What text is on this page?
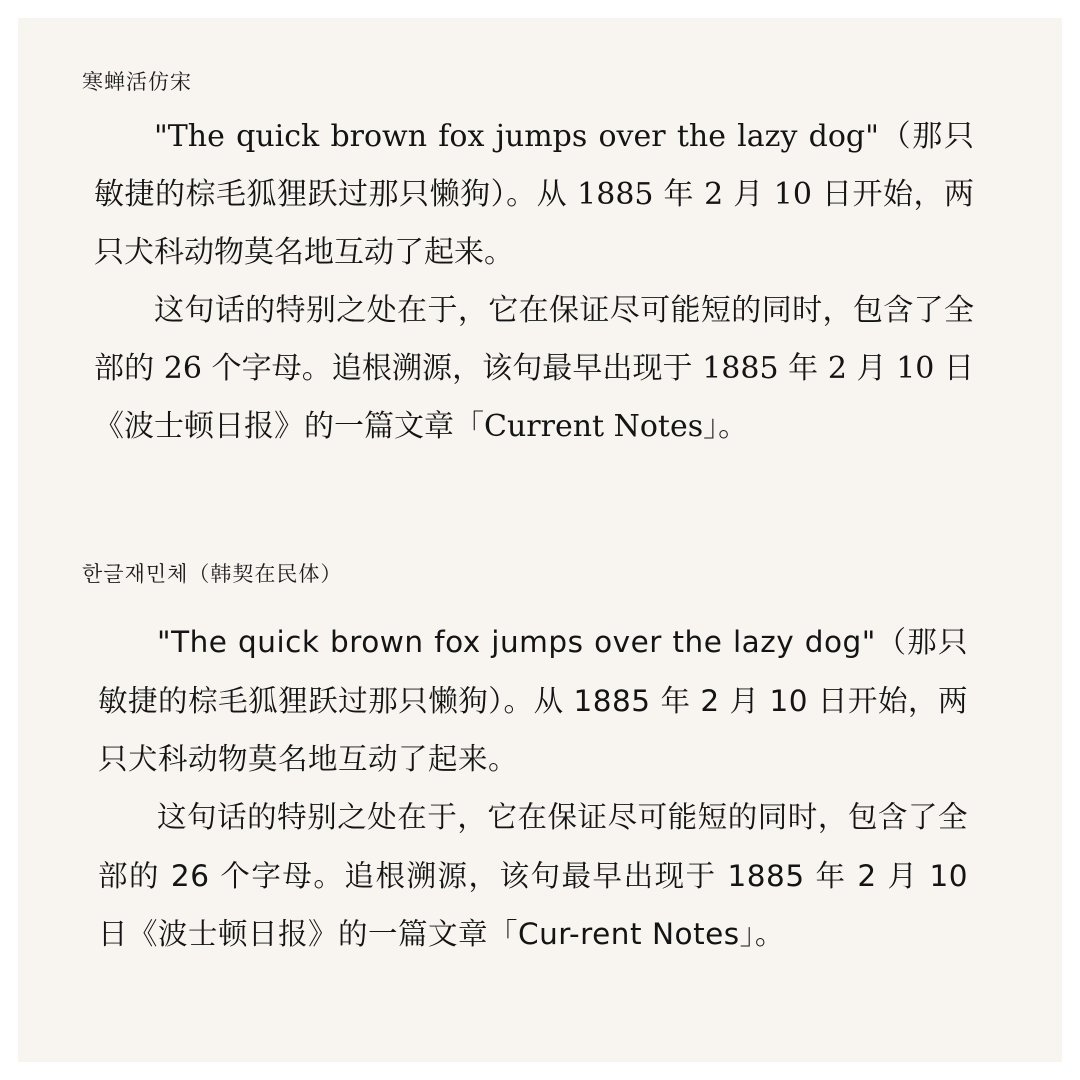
寒蝉活仿宋

"The quick brown fox jumps over the lazy dog"（那只敏捷的棕毛狐狸跃过那只懒狗）。从 1885 年 2 月 10 日开始，两只犬科动物莫名地互动了起来。

这句话的特别之处在于，它在保证尽可能短的同时，包含了全部的 26 个字母。追根溯源，该句最早出现于 1885 年 2 月 10 日《波士顿日报》的一篇文章「Current Notes」。

한글재민체（韩契在民体）

"The quick brown fox jumps over the lazy dog"（那只敏捷的棕毛狐狸跃过那只懒狗）。从 1885 年 2 月 10 日开始，两只犬科动物莫名地互动了起来。

这句话的特别之处在于，它在保证尽可能短的同时，包含了全部的 26 个字母。追根溯源，该句最早出现于 1885 年 2 月 10 日《波士顿日报》的一篇文章「Cur-rent Notes」。
